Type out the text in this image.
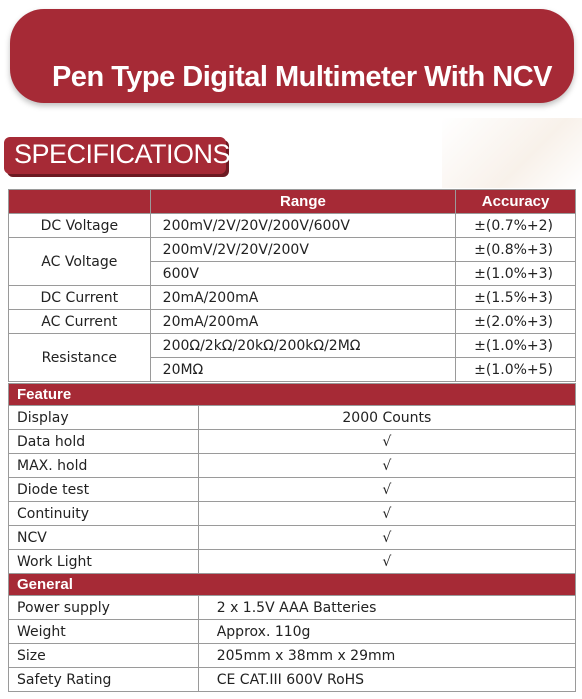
Pen Type Digital Multimeter With NCV
SPECIFICATIONS
	Range	Accuracy
DC Voltage	200mV/2V/20V/200V/600V	±(0.7%+2)
AC Voltage	200mV/2V/20V/200V	±(0.8%+3)
	600V	±(1.0%+3)
DC Current	20mA/200mA	±(1.5%+3)
AC Current	20mA/200mA	±(2.0%+3)
Resistance	200Ω/2kΩ/20kΩ/200kΩ/2MΩ	±(1.0%+3)
	20MΩ	±(1.0%+5)
Feature	
Display	2000 Counts
Data hold	√
MAX. hold	√
Diode test	√
Continuity	√
NCV	√
Work Light	√
General	
Power supply	2 x 1.5V AAA Batteries
Weight	Approx. 110g
Size	205mm x 38mm x 29mm
Safety Rating	CE CAT.III 600V RoHS
